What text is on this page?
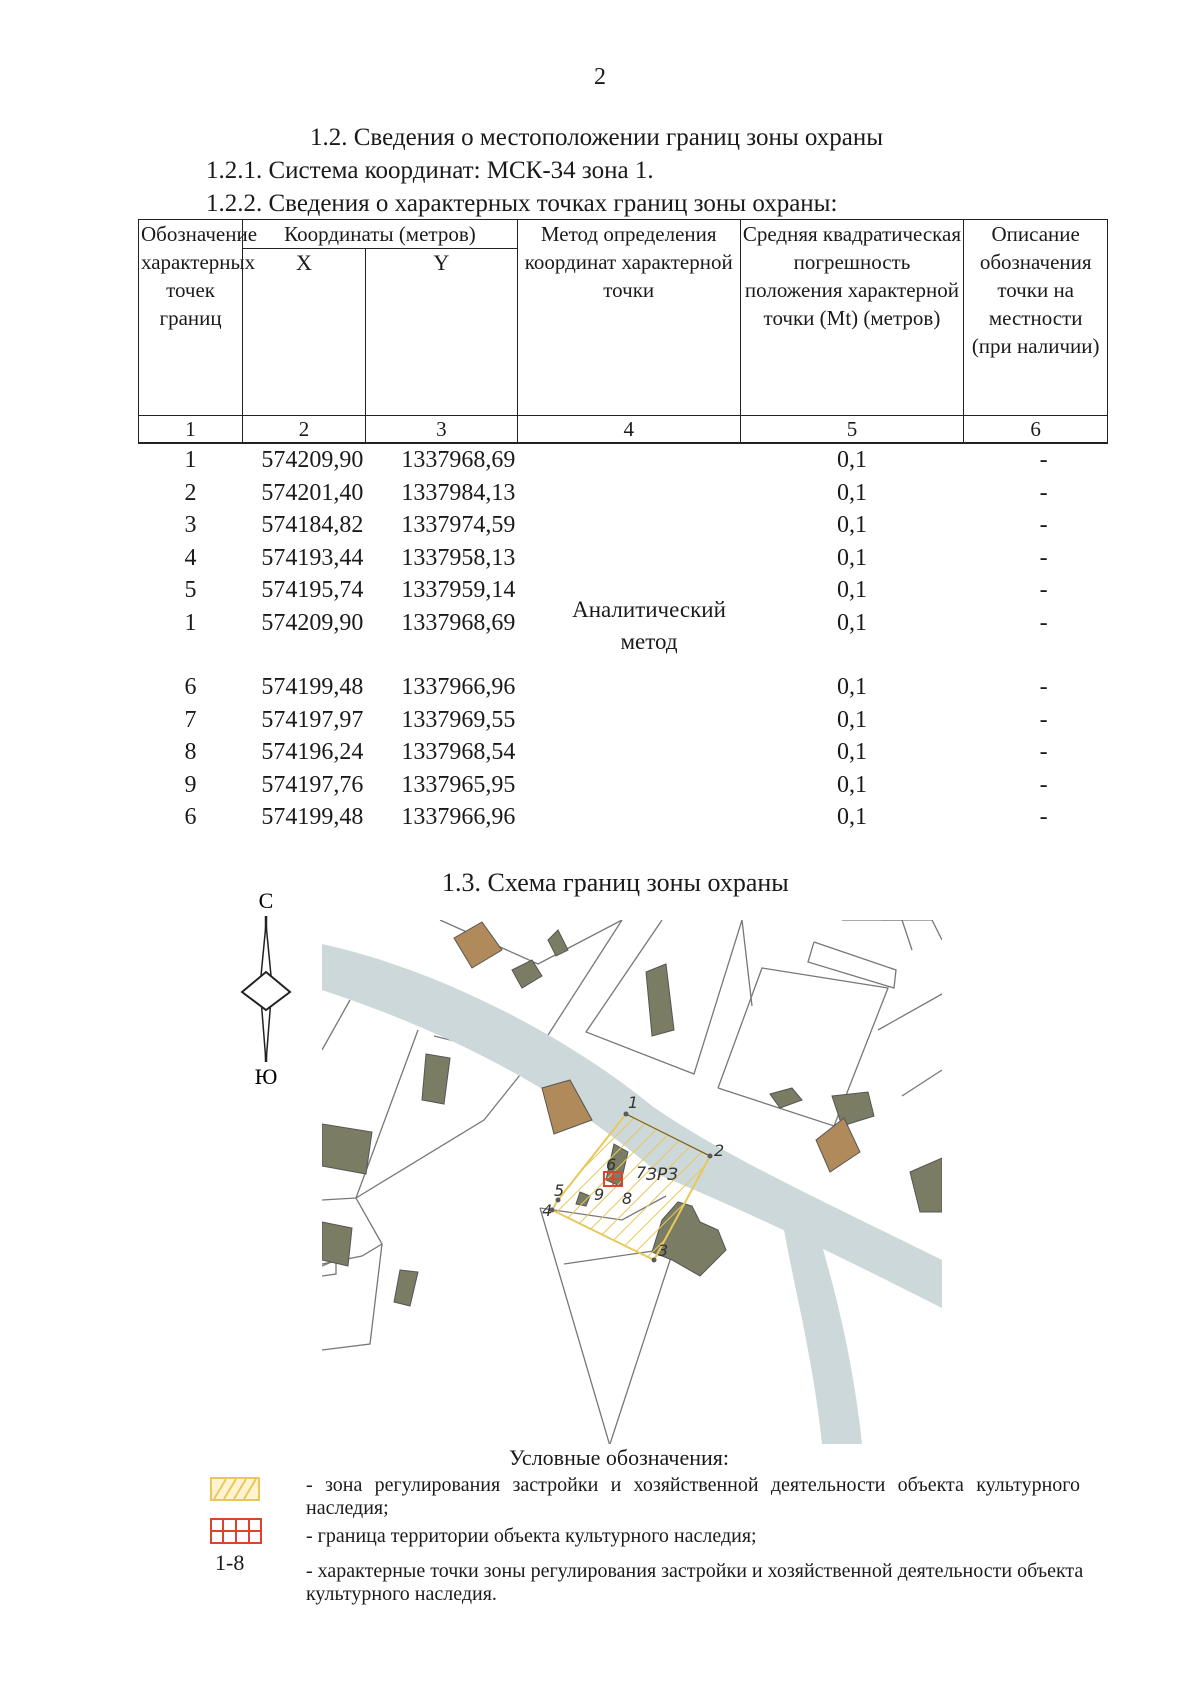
2
1.2. Сведения о местоположении границ зоны охраны
1.2.1. Система координат: МСК-34 зона 1.
1.2.2. Сведения о характерных точках границ зоны охраны:
Обозначение характерных точек границ	Координаты (метров)		Метод определения координат характерной точки	Средняя квадратическая погрешность положения характерной точки (Mt) (метров)	Описание обозначения точки на местности (при наличии)
	X	Y			
1	2	3	4	5	6
1	574209,90	1337968,69		0,1	-
2	574201,40	1337984,13		0,1	-
3	574184,82	1337974,59		0,1	-
4	574193,44	1337958,13		0,1	-
5	574195,74	1337959,14		0,1	-
1	574209,90	1337968,69		0,1	-

6	574199,48	1337966,96		0,1	-
7	574197,97	1337969,55		0,1	-
8	574196,24	1337968,54		0,1	-
9	574197,76	1337965,95		0,1	-
6	574199,48	1337966,96		0,1	-
Аналитический метод
1.3. Схема границ зоны охраны
С
Ю
1
2
3
4
5
6 7
8
9
ЗРЗ
Условные обозначения:
- зона регулирования застройки и хозяйственной деятельности объекта культурного наследия;
- граница территории объекта культурного наследия;
1-8	- характерные точки зоны регулирования застройки и хозяйственной деятельности объекта культурного наследия.
